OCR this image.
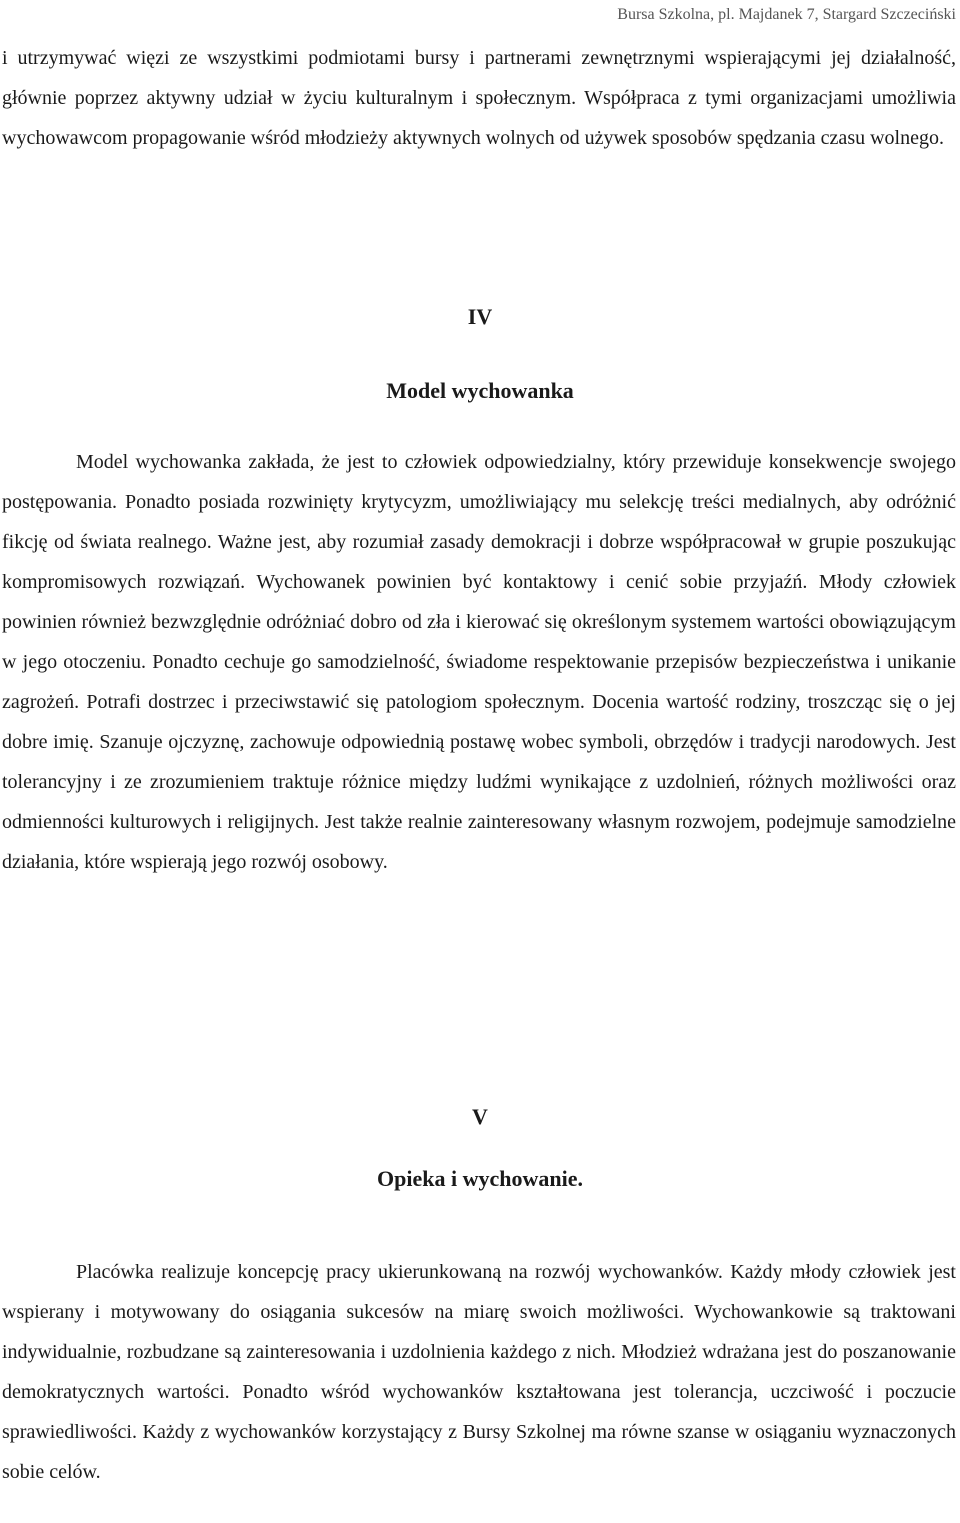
Bursa Szkolna, pl. Majdanek 7, Stargard Szczeciński

i utrzymywać więzi ze wszystkimi podmiotami bursy i partnerami zewnętrznymi wspierającymi jej działalność, głównie poprzez aktywny udział w życiu kulturalnym i społecznym. Współpraca z tymi organizacjami umożliwia wychowawcom propagowanie wśród młodzieży aktywnych wolnych od używek sposobów spędzania czasu wolnego.

IV
Model wychowanka

Model wychowanka zakłada, że jest to człowiek odpowiedzialny, który przewiduje konsekwencje swojego postępowania. Ponadto posiada rozwinięty krytycyzm, umożliwiający mu selekcję treści medialnych, aby odróżnić fikcję od świata realnego. Ważne jest, aby rozumiał zasady demokracji i dobrze współpracował w grupie poszukując kompromisowych rozwiązań. Wychowanek powinien być kontaktowy i cenić sobie przyjaźń. Młody człowiek powinien również bezwzględnie odróżniać dobro od zła i kierować się określonym systemem wartości obowiązującym w jego otoczeniu. Ponadto cechuje go samodzielność, świadome respektowanie przepisów bezpieczeństwa i unikanie zagrożeń. Potrafi dostrzec i przeciwstawić się patologiom społecznym. Docenia wartość rodziny, troszcząc się o jej dobre imię. Szanuje ojczyznę, zachowuje odpowiednią postawę wobec symboli, obrzędów i tradycji narodowych. Jest tolerancyjny i ze zrozumieniem traktuje różnice między ludźmi wynikające z uzdolnień, różnych możliwości oraz odmienności kulturowych i religijnych. Jest także realnie zainteresowany własnym rozwojem, podejmuje samodzielne działania, które wspierają jego rozwój osobowy.

V
Opieka i wychowanie.

Placówka realizuje koncepcję pracy ukierunkowaną na rozwój wychowanków. Każdy młody człowiek jest wspierany i motywowany do osiągania sukcesów na miarę swoich możliwości. Wychowankowie są traktowani indywidualnie, rozbudzane są zainteresowania i uzdolnienia każdego z nich. Młodzież wdrażana jest do poszanowanie demokratycznych wartości. Ponadto wśród wychowanków kształtowana jest tolerancja, uczciwość i poczucie sprawiedliwości. Każdy z wychowanków korzystający z Bursy Szkolnej ma równe szanse w osiąganiu wyznaczonych sobie celów.
